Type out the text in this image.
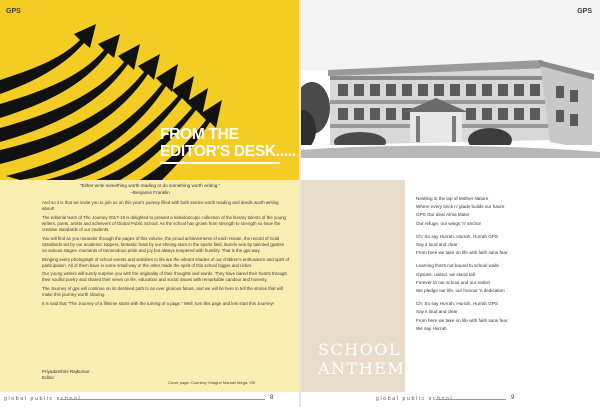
GPS
FROM THE
EDITOR'S DESK.....
"Either write something worth reading or do something worth writing."
–Benjamin Franklin

And so it is that we invite you to join us on this year's journey filled with both stories worth reading and deeds worth writing about!

The editorial team of The Journey 2017-18 is delighted to present a kaleidoscopic collection of the literary talents of the young writers, poets, artists and achievers of Global Public School. As the school has grown from strength to strength so have the creative standards of our students.

You will find as you meander through the pages of this volume, the proud achievements of each House, the record of Gold Standards set by our academic toppers, fantastic feats by our shining stars in the sports field, laurels won by talented gpsites on various stages- moments of tremendous pride and joy but always tempered with humility. That is the gps way.

Bringing every photograph of school events and activities to life are the vibrant shades of our children's enthusiasm and spirit of participation. All of them have in some small way or the other made the spirit of this school bigger and richer.

Our young writers will surely surprise you with the originality of their thoughts and words. They have bared their hearts through their soulful poetry and shared their views on life, education and social issues with remarkable candour and honesty.

The Journey of gps will continue on its destined path to an ever glorious future, and we will be here to tell the stories that will make this journey worth sharing.

It is said that "The Journey of a lifetime starts with the turning of a page." Well, turn this page and lets start this Journey!

Priyadarshini Rajkumar
Editor
Cover page: Courtesy Shagun Manuel Mega, VIII
global public school	8
GPS
SCHOOL
ANTHEM
Nestling in the lap of Mother Nature
Where every brick n' glade builds our future
GPS Our dear Alma Mater
Our refuge, our wings 'n' anchor
Ch: So say Hurrah, Hurrah, Hurrah GPS
Say it loud and clear
From here we take on life with faith sans fear
Learning that's not bound to school walls
Gpsites, united, we stand tall
Forever to our school and our nation
We pledge our life, our honour 'n dedication
Ch: So say Hurrah, Hurrah, Hurrah GPS
Say it loud and clear
From here we take on life with faith sans fear
We say Hurrah
global public school	9
